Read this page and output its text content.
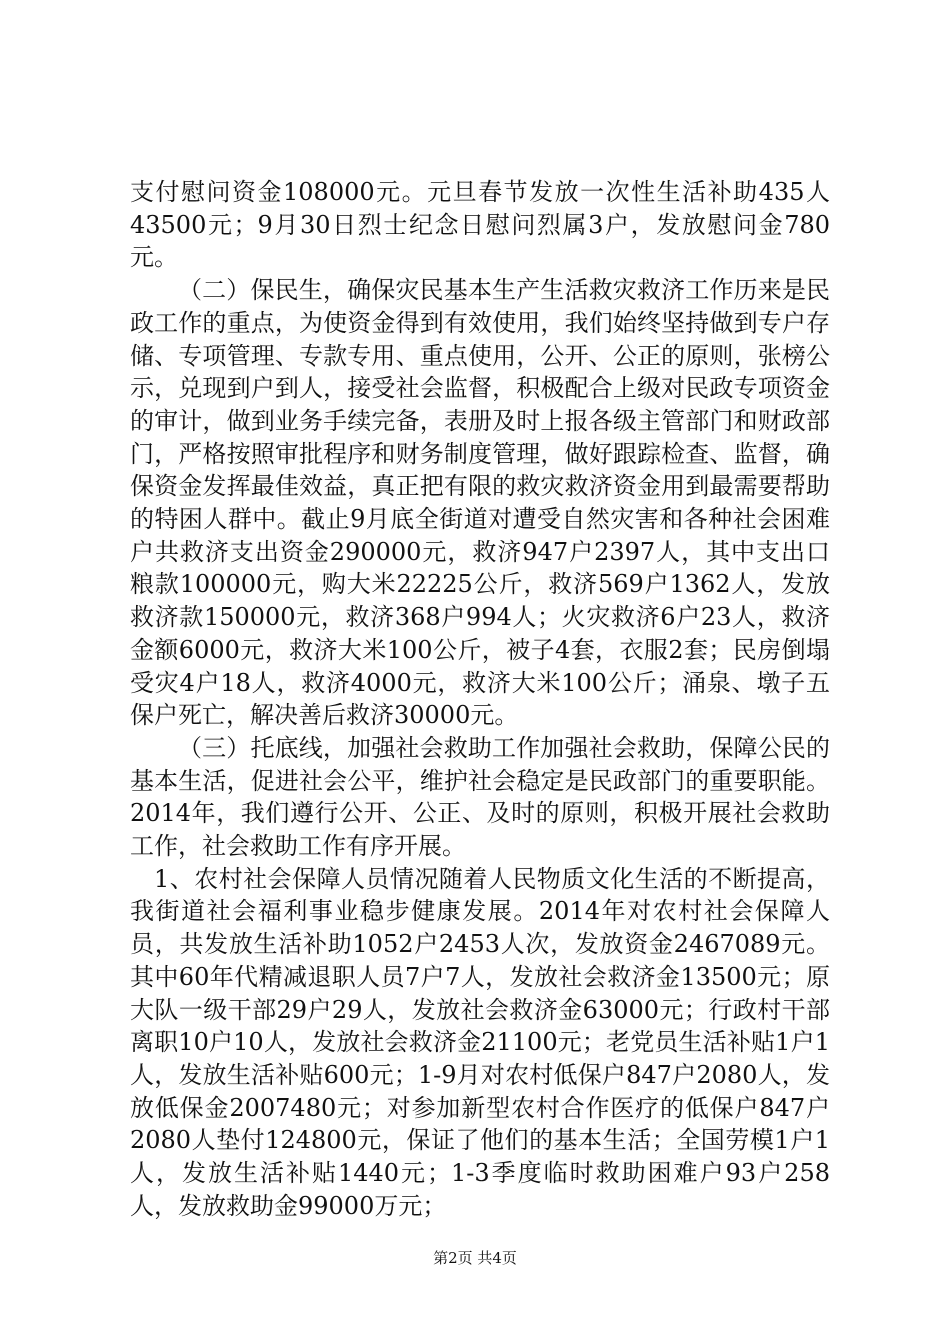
支付慰问资金108000元。元旦春节发放一次性生活补助435人43500元；9月30日烈士纪念日慰问烈属3户，发放慰问金780元。

（二）保民生，确保灾民基本生产生活救灾救济工作历来是民政工作的重点，为使资金得到有效使用，我们始终坚持做到专户存储、专项管理、专款专用、重点使用，公开、公正的原则，张榜公示，兑现到户到人，接受社会监督，积极配合上级对民政专项资金的审计，做到业务手续完备，表册及时上报各级主管部门和财政部门，严格按照审批程序和财务制度管理，做好跟踪检查、监督，确保资金发挥最佳效益，真正把有限的救灾救济资金用到最需要帮助的特困人群中。截止9月底全街道对遭受自然灾害和各种社会困难户共救济支出资金290000元，救济947户2397人，其中支出口粮款100000元，购大米22225公斤，救济569户1362人，发放救济款150000元，救济368户994人；火灾救济6户23人，救济金额6000元，救济大米100公斤，被子4套，衣服2套；民房倒塌受灾4户18人，救济4000元，救济大米100公斤；涌泉、墩子五保户死亡，解决善后救济30000元。

（三）托底线，加强社会救助工作加强社会救助，保障公民的基本生活，促进社会公平，维护社会稳定是民政部门的重要职能。2014年，我们遵行公开、公正、及时的原则，积极开展社会救助工作，社会救助工作有序开展。

1、农村社会保障人员情况随着人民物质文化生活的不断提高，我街道社会福利事业稳步健康发展。2014年对农村社会保障人员，共发放生活补助1052户2453人次，发放资金2467089元。其中60年代精减退职人员7户7人，发放社会救济金13500元；原大队一级干部29户29人，发放社会救济金63000元；行政村干部离职10户10人，发放社会救济金21100元；老党员生活补贴1户1人，发放生活补贴600元；1-9月对农村低保户847户2080人，发放低保金2007480元；对参加新型农村合作医疗的低保户847户2080人垫付124800元，保证了他们的基本生活；全国劳模1户1人，发放生活补贴1440元；1-3季度临时救助困难户93户258人，发放救助金99000万元；

第2页 共4页
